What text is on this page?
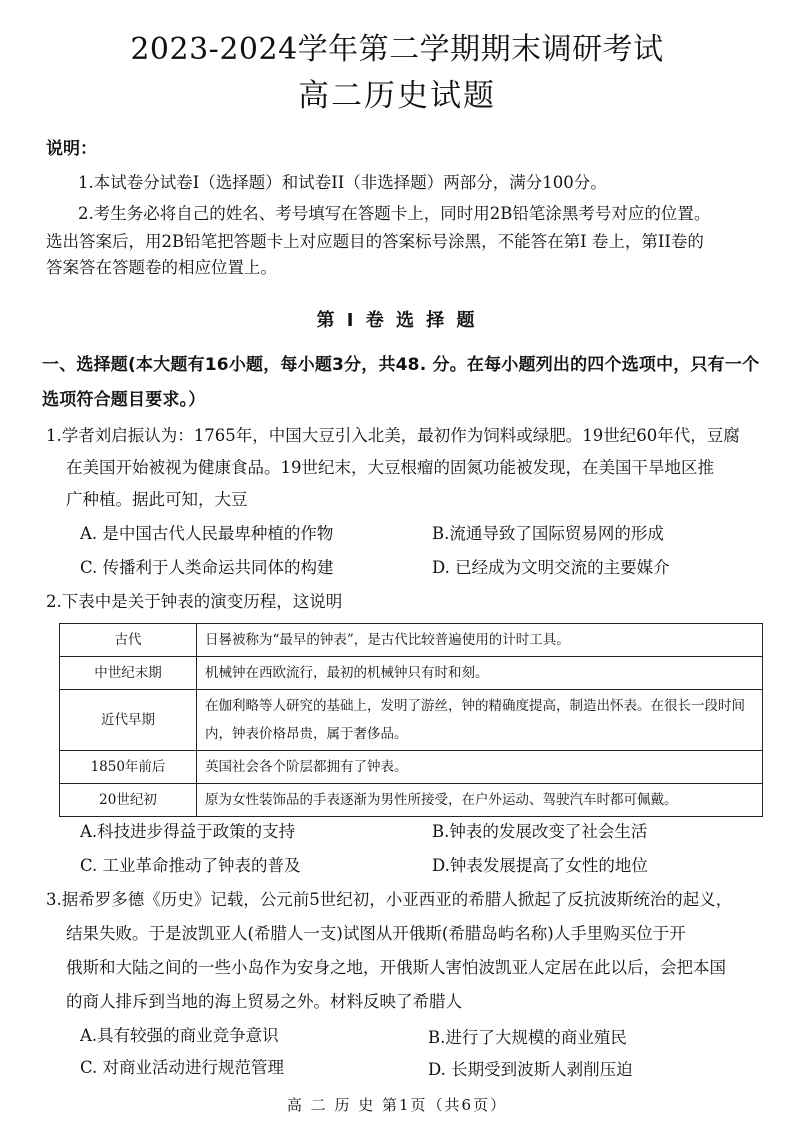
2023-2024学年第二学期期末调研考试
高二历史试题
说明：
1.本试卷分试卷I（选择题）和试卷II（非选择题）两部分，满分100分。
2.考生务必将自己的姓名、考号填写在答题卡上，同时用2B铅笔涂黑考号对应的位置。
选出答案后，用2B铅笔把答题卡上对应题目的答案标号涂黑，不能答在第I 卷上，第II卷的
答案答在答题卷的相应位置上。
第 I 卷 选 择 题
一、选择题(本大题有16小题，每小题3分，共48. 分。在每小题列出的四个选项中，只有一个
选项符合题目要求。）
1.学者刘启振认为：1765年，中国大豆引入北美，最初作为饲料或绿肥。19世纪60年代，豆腐
在美国开始被视为健康食品。19世纪末，大豆根瘤的固氮功能被发现，在美国干旱地区推
广种植。据此可知，大豆
A. 是中国古代人民最卑种植的作物	B.流通导致了国际贸易网的形成
C. 传播利于人类命运共同体的构建	D. 已经成为文明交流的主要媒介
2.下表中是关于钟表的演变历程，这说明
古代	日晷被称为“最早的钟表”，是古代比较普遍使用的计时工具。
中世纪末期	机械钟在西欧流行，最初的机械钟只有时和刻。
近代早期	在伽利略等人研究的基础上，发明了游丝，钟的精确度提高，制造出怀表。在很长一段时间内，钟表价格昂贵，属于奢侈品。
1850年前后	英国社会各个阶层都拥有了钟表。
20世纪初	原为女性装饰品的手表逐渐为男性所接受，在户外运动、驾驶汽车时都可佩戴。
A.科技进步得益于政策的支持	B.钟表的发展改变了社会生活
C. 工业革命推动了钟表的普及	D.钟表发展提高了女性的地位
3.据希罗多德《历史》记载，公元前5世纪初，小亚西亚的希腊人掀起了反抗波斯统治的起义，
结果失败。于是波凯亚人(希腊人一支)试图从开俄斯(希腊岛屿名称)人手里购买位于开
俄斯和大陆之间的一些小岛作为安身之地，开俄斯人害怕波凯亚人定居在此以后，会把本国
的商人排斥到当地的海上贸易之外。材料反映了希腊人
A.具有较强的商业竞争意识	B.进行了大规模的商业殖民
C. 对商业活动进行规范管理	D. 长期受到波斯人剥削压迫
高 二 历 史 第1页（共6页）
